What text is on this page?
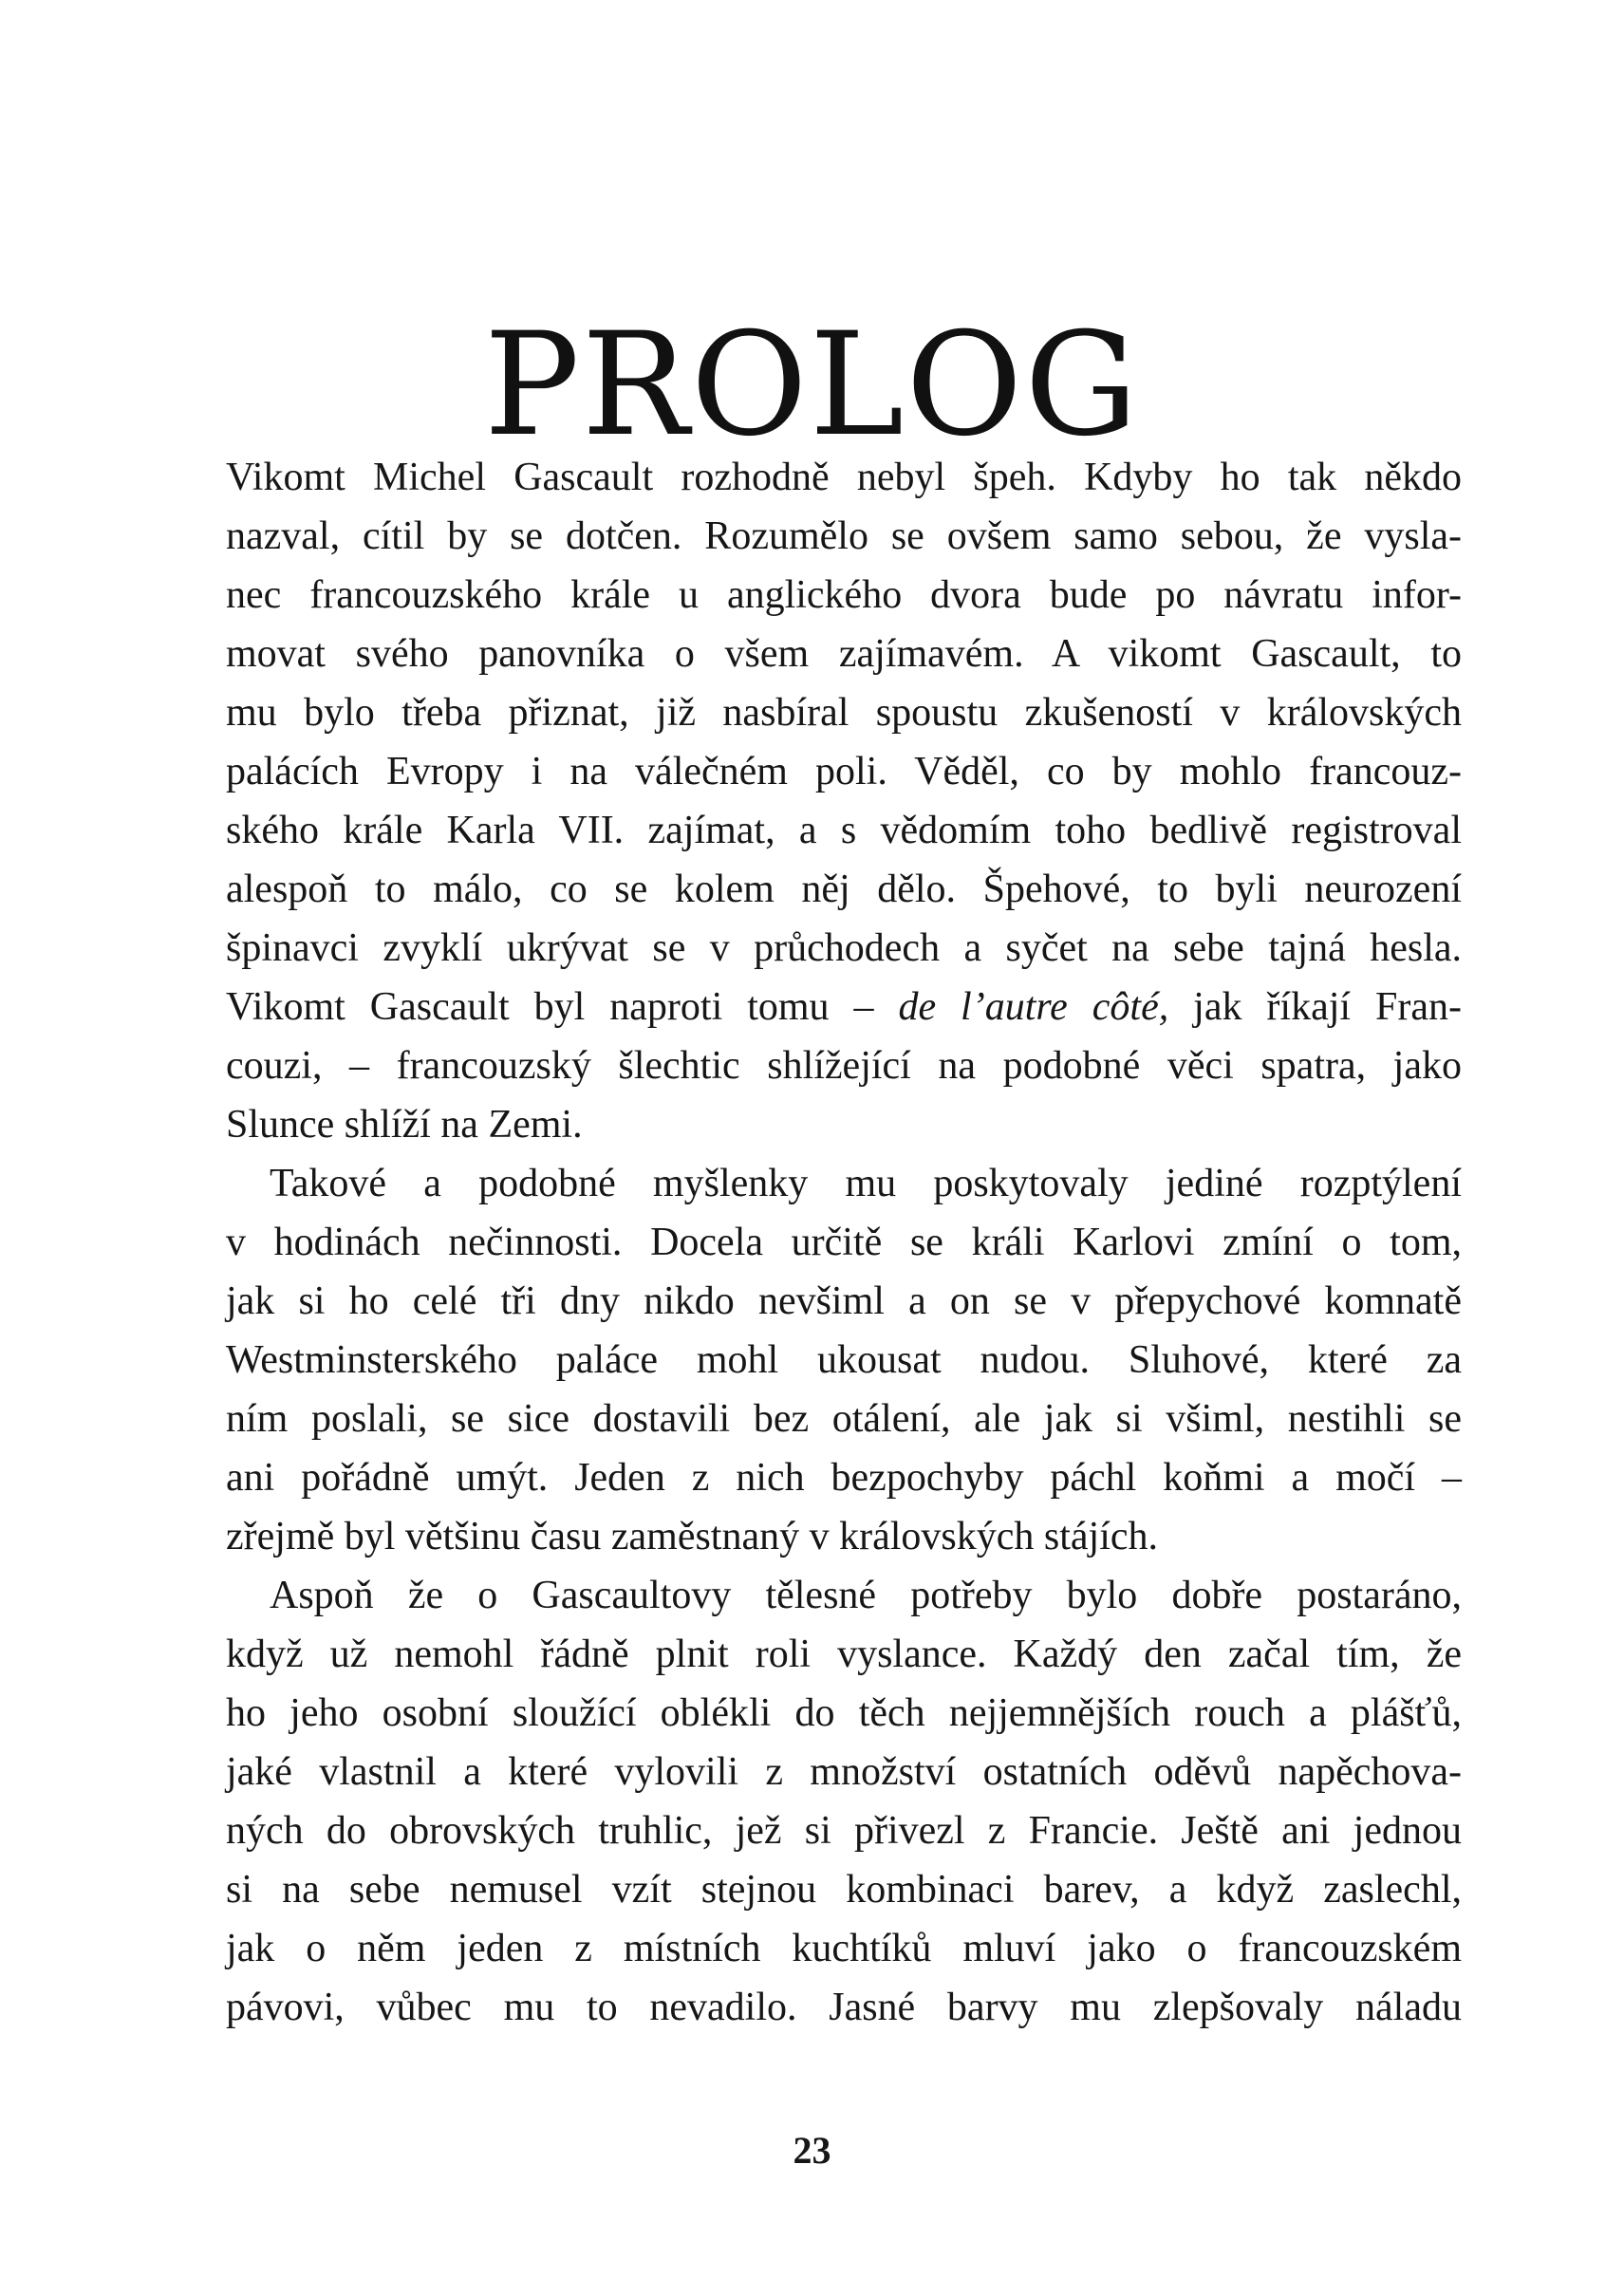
PROLOG
Vikomt Michel Gascault rozhodně nebyl špeh. Kdyby ho tak někdo
nazval, cítil by se dotčen. Rozumělo se ovšem samo sebou, že vysla-
nec francouzského krále u anglického dvora bude po návratu infor-
movat svého panovníka o všem zajímavém. A vikomt Gascault, to
mu bylo třeba přiznat, již nasbíral spoustu zkušeností v královských
palácích Evropy i na válečném poli. Věděl, co by mohlo francouz-
ského krále Karla VII. zajímat, a s vědomím toho bedlivě registroval
alespoň to málo, co se kolem něj dělo. Špehové, to byli neurození
špinavci zvyklí ukrývat se v průchodech a syčet na sebe tajná hesla.
Vikomt Gascault byl naproti tomu – de l’autre côté, jak říkají Fran-
couzi, – francouzský šlechtic shlížející na podobné věci spatra, jako
Slunce shlíží na Zemi.
Takové a podobné myšlenky mu poskytovaly jediné rozptýlení
v hodinách nečinnosti. Docela určitě se králi Karlovi zmíní o tom,
jak si ho celé tři dny nikdo nevšiml a on se v přepychové komnatě
Westminsterského paláce mohl ukousat nudou. Sluhové, které za
ním poslali, se sice dostavili bez otálení, ale jak si všiml, nestihli se
ani pořádně umýt. Jeden z nich bezpochyby páchl koňmi a močí –
zřejmě byl většinu času zaměstnaný v královských stájích.
Aspoň že o Gascaultovy tělesné potřeby bylo dobře postaráno,
když už nemohl řádně plnit roli vyslance. Každý den začal tím, že
ho jeho osobní sloužící oblékli do těch nejjemnějších rouch a plášťů,
jaké vlastnil a které vylovili z množství ostatních oděvů napěchova-
ných do obrovských truhlic, jež si přivezl z Francie. Ještě ani jednou
si na sebe nemusel vzít stejnou kombinaci barev, a když zaslechl,
jak o něm jeden z místních kuchtíků mluví jako o francouzském
pávovi, vůbec mu to nevadilo. Jasné barvy mu zlepšovaly náladu
23
